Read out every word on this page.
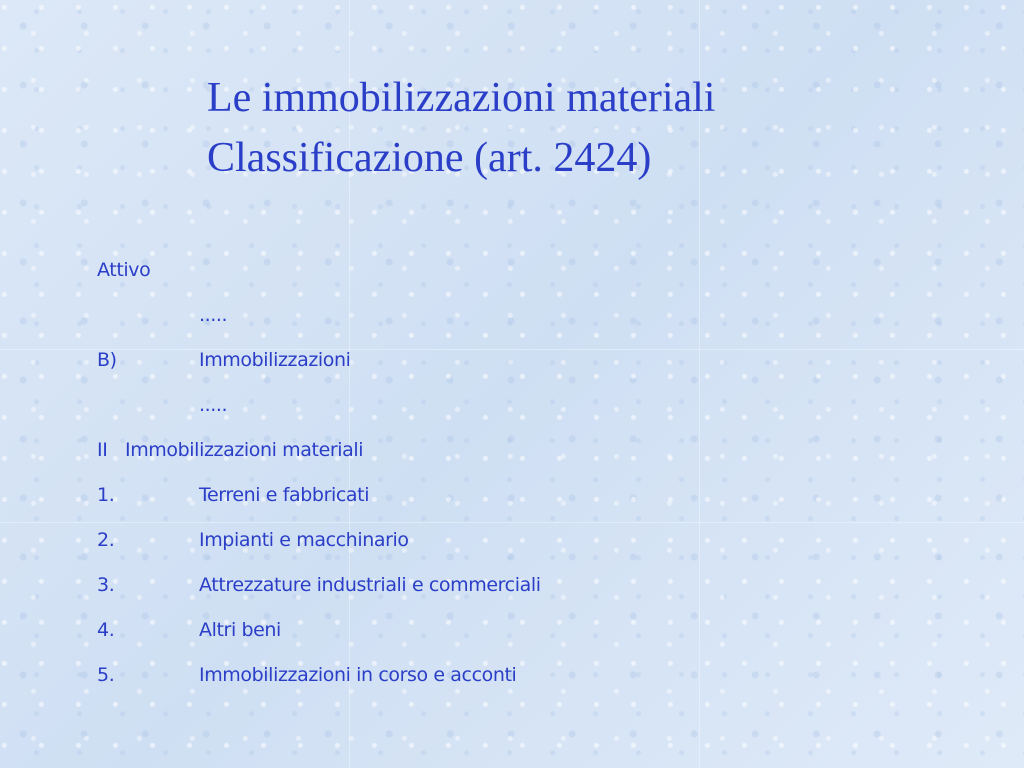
Le immobilizzazioni materiali
Classificazione (art. 2424)
Attivo
.....
B)	Immobilizzazioni
.....
II Immobilizzazioni materiali
1.	Terreni e fabbricati
2.	Impianti e macchinario
3.	Attrezzature industriali e commerciali
4.	Altri beni
5.	Immobilizzazioni in corso e acconti
